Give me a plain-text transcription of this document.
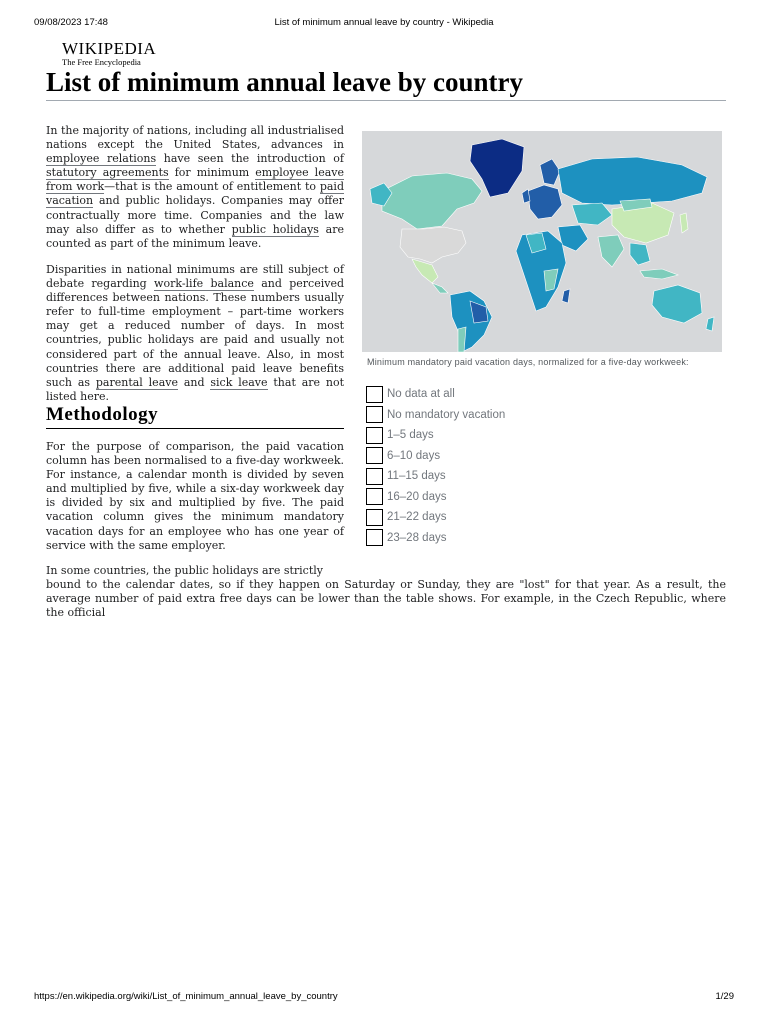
09/08/2023 17:48	List of minimum annual leave by country - Wikipedia
WIKIPEDIA
The Free Encyclopedia
List of minimum annual leave by country

In the majority of nations, including all industrialised nations except the United States, advances in employee relations have seen the introduction of statutory agreements for minimum employee leave from work—that is the amount of entitlement to paid vacation and public holidays. Companies may offer contractually more time. Companies and the law may also differ as to whether public holidays are counted as part of the minimum leave.

Disparities in national minimums are still subject of debate regarding work-life balance and perceived differences between nations. These numbers usually refer to full-time employment – part-time workers may get a reduced number of days. In most countries, public holidays are paid and usually not considered part of the annual leave. Also, in most countries there are additional paid leave benefits such as parental leave and sick leave that are not listed here.

Methodology

For the purpose of comparison, the paid vacation column has been normalised to a five-day workweek. For instance, a calendar month is divided by seven and multiplied by five, while a six-day workweek day is divided by six and multiplied by five. The paid vacation column gives the minimum mandatory vacation days for an employee who has one year of service with the same employer.

In some countries, the public holidays are strictly
bound to the calendar dates, so if they happen on Saturday or Sunday, they are "lost" for that year. As a result, the average number of paid extra free days can be lower than the table shows. For example, in the Czech Republic, where the official

Minimum mandatory paid vacation days, normalized for a five-day workweek:
No data at all
No mandatory vacation
1–5 days
6–10 days
11–15 days
16–20 days
21–22 days
23–28 days
https://en.wikipedia.org/wiki/List_of_minimum_annual_leave_by_country	1/29
